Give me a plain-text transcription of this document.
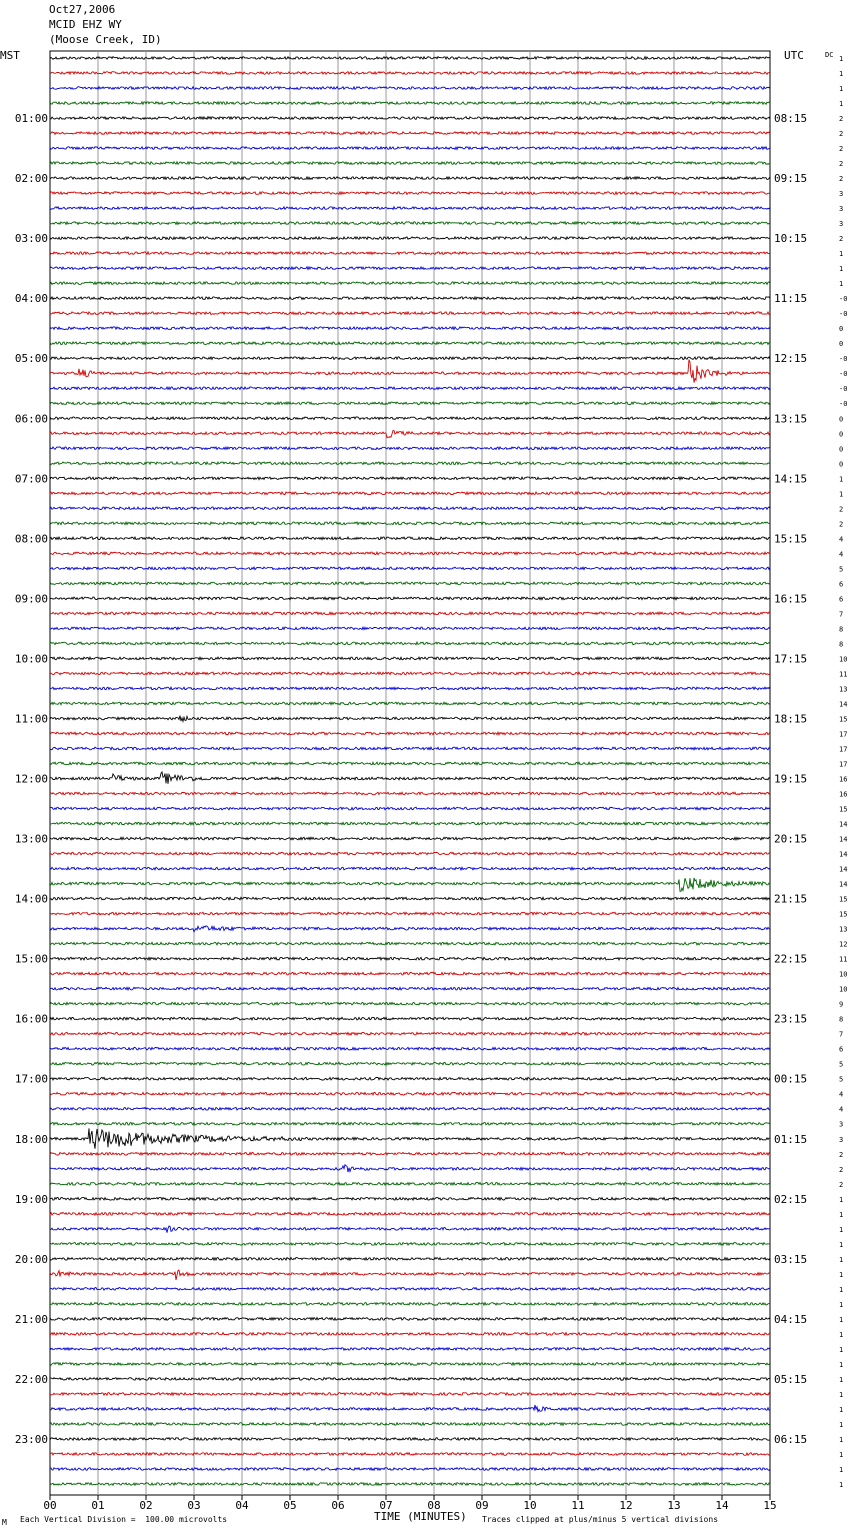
Oct27,2006
MCID EHZ WY
(Moose Creek, ID)
MST	UTC	DC 1
1
1
1
2
2
2
2
2
3
3
3
2
1
1
1
-0
-0
0
0
-0
-0
-0
-0
0
0
0
0
1
1
2
2
4
4
5
6
6
7
8
8
10
11
13
14
15
17
17
17
16
16
15
14
14
14
14
14
15
15
13
12
11
10
10
9
8
7
6
5
5
4
4
3
3
2
2
2
1
1
1
1
1
1
1
1
1
1
1
1
1
1
1
1
1
1
1
1
01:00
02:00
03:00
04:00
05:00
06:00
07:00
08:00
09:00
10:00
11:00
12:00
13:00
14:00
15:00
16:00
17:00
18:00
19:00
20:00
21:00
22:00
23:00
08:15
09:15
10:15
11:15
12:15
13:15
14:15
15:15
16:15
17:15
18:15
19:15
20:15
21:15
22:15
23:15
00:15
01:15
02:15
03:15
04:15
05:15
06:15
00	01	02	03	04	05	06	07	08	09	10	11	12	13	14	15
TIME (MINUTES)
M Each Vertical Division =  100.00 microvolts	Traces clipped at plus/minus 5 vertical divisions
